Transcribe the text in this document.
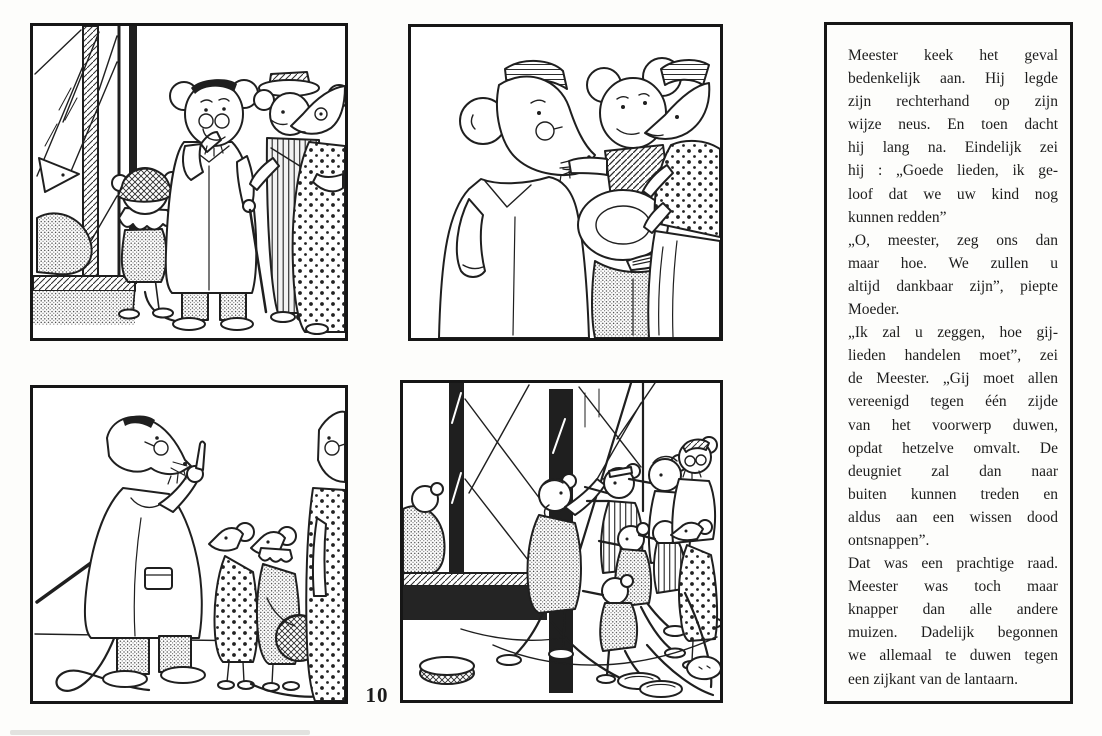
10
Meester keek het geval
bedenkelijk aan. Hij legde
zijn rechterhand op zijn
wijze neus. En toen dacht
hij lang na. Eindelijk zei
hij : „Goede lieden, ik ge-
loof dat we uw kind nog
kunnen redden”
„O, meester, zeg ons dan
maar hoe. We zullen u
altijd dankbaar zijn”, piepte
Moeder.
„Ik zal u zeggen, hoe gij-
lieden handelen moet”, zei
de Meester. „Gij moet allen
vereenigd tegen één zijde
van het voorwerp duwen,
opdat hetzelve omvalt. De
deugniet zal dan naar
buiten kunnen treden en
aldus aan een wissen dood
ontsnappen”.
Dat was een prachtige raad.
Meester was toch maar
knapper dan alle andere
muizen. Dadelijk begonnen
we allemaal te duwen tegen
een zijkant van de lantaarn.
